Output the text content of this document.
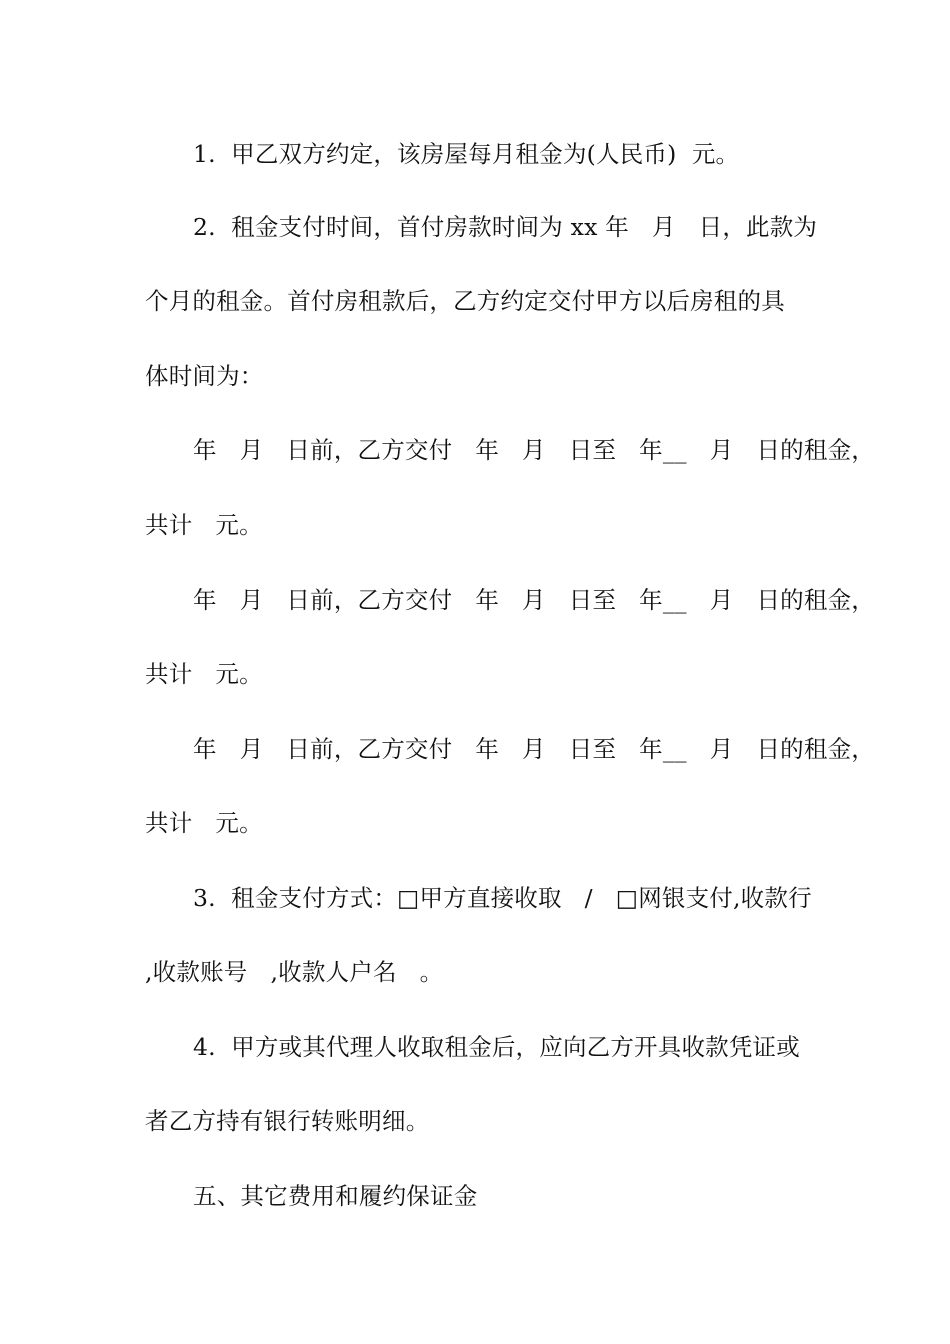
1.  甲乙双方约定，该房屋每月租金为(人民币)  元。
2.  租金支付时间，首付房款时间为 xx 年   月   日，此款为
个月的租金。首付房租款后，乙方约定交付甲方以后房租的具
体时间为：
年   月   日前，乙方交付   年   月   日至   年__   月   日的租金，
共计   元。
年   月   日前，乙方交付   年   月   日至   年__   月   日的租金，
共计   元。
年   月   日前，乙方交付   年   月   日至   年__   月   日的租金，
共计   元。
3.  租金支付方式：□甲方直接收取   /   □网银支付,收款行
,收款账号   ,收款人户名   。
4.  甲方或其代理人收取租金后，应向乙方开具收款凭证或
者乙方持有银行转账明细。
五、其它费用和履约保证金
